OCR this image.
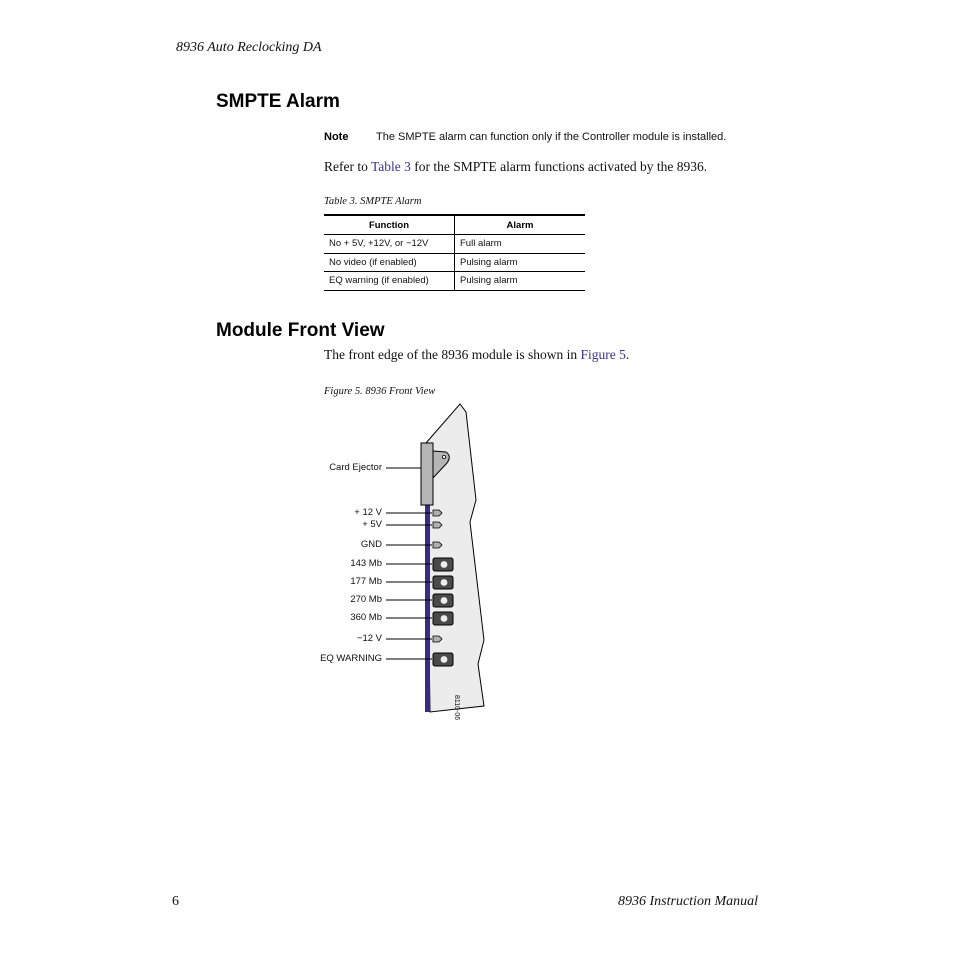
8936 Auto Reclocking DA
SMPTE Alarm
Note	The SMPTE alarm can function only if the Controller module is installed.
Refer to Table 3 for the SMPTE alarm functions activated by the 8936.
Table 3. SMPTE Alarm
Function	Alarm
No + 5V, +12V, or −12V	Full alarm
No video (if enabled)	Pulsing alarm
EQ warning (if enabled)	Pulsing alarm
Module Front View
The front edge of the 8936 module is shown in Figure 5.
Figure 5. 8936 Front View
Card Ejector
+ 12 V
+ 5V
GND
143 Mb
177 Mb
270 Mb
360 Mb
−12 V
EQ WARNING
8110-06
6	8936 Instruction Manual
